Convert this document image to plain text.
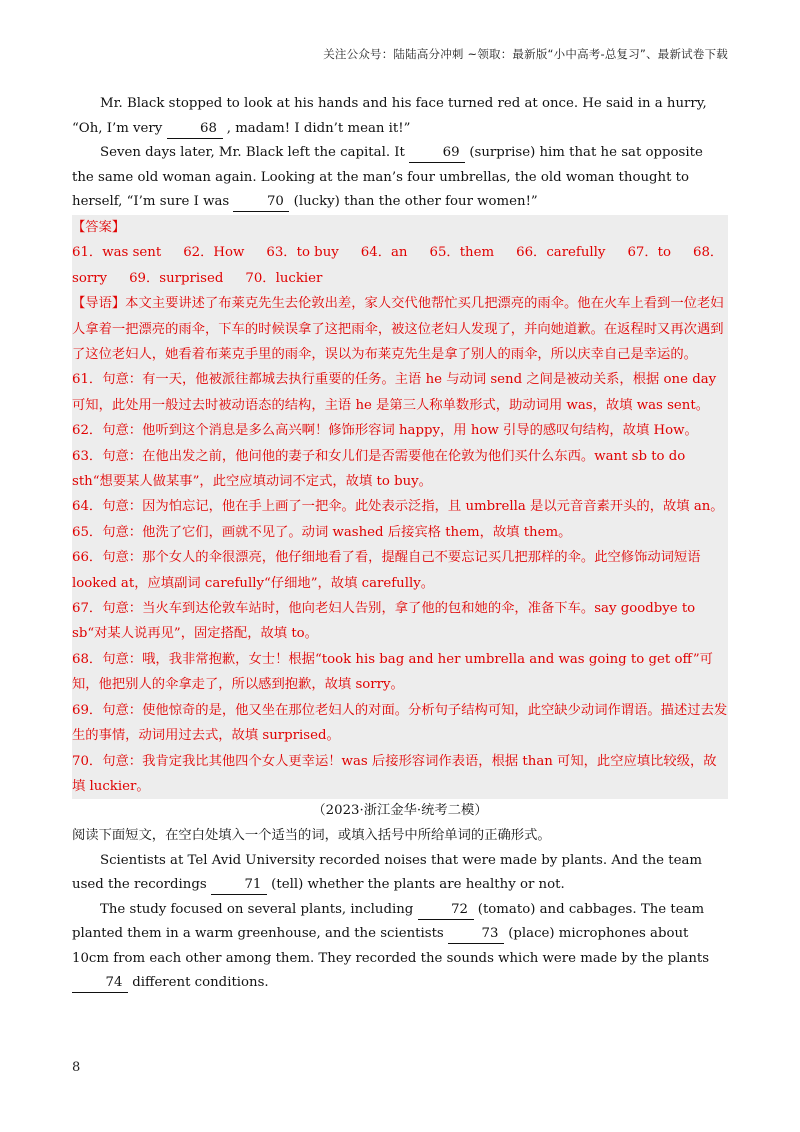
关注公众号：陆陆高分冲刺 ~领取：最新版“小中高考-总复习”、最新试卷下载

Mr. Black stopped to look at his hands and his face turned red at once. He said in a hurry, “Oh, I’m very	68 , madam! I didn’t mean it!”

Seven days later, Mr. Black left the capital. It	69 (surprise) him that he sat opposite the same old woman again. Looking at the man’s four umbrellas, the old woman thought to herself, “I’m sure I was	70 (lucky) than the other four women!”

【答案】

61．was sent 62．How 63．to buy 64．an 65．them 66．carefully 67．to 68．

sorry 69．surprised 70．luckier

【导语】本文主要讲述了布莱克先生去伦敦出差，家人交代他帮忙买几把漂亮的雨伞。他在火车上看到一位老妇人拿着一把漂亮的雨伞，下车的时候误拿了这把雨伞，被这位老妇人发现了，并向她道歉。在返程时又再次遇到了这位老妇人，她看着布莱克手里的雨伞，误以为布莱克先生是拿了别人的雨伞，所以庆幸自己是幸运的。

61．句意：有一天，他被派往都城去执行重要的任务。主语 he 与动词 send 之间是被动关系，根据 one day 可知，此处用一般过去时被动语态的结构，主语 he 是第三人称单数形式，助动词用 was，故填 was sent。

62．句意：他听到这个消息是多么高兴啊！修饰形容词 happy，用 how 引导的感叹句结构，故填 How。

63．句意：在他出发之前，他问他的妻子和女儿们是否需要他在伦敦为他们买什么东西。want sb to do sth“想要某人做某事”，此空应填动词不定式，故填 to buy。

64．句意：因为怕忘记，他在手上画了一把伞。此处表示泛指，且 umbrella 是以元音音素开头的，故填 an。

65．句意：他洗了它们，画就不见了。动词 washed 后接宾格 them，故填 them。

66．句意：那个女人的伞很漂亮，他仔细地看了看，提醒自己不要忘记买几把那样的伞。此空修饰动词短语 looked at，应填副词 carefully“仔细地”，故填 carefully。

67．句意：当火车到达伦敦车站时，他向老妇人告别，拿了他的包和她的伞，准备下车。say goodbye to sb“对某人说再见”，固定搭配，故填 to。

68．句意：哦，我非常抱歉，女士！根据“took his bag and her umbrella and was going to get off”可知，他把别人的伞拿走了，所以感到抱歉，故填 sorry。

69．句意：使他惊奇的是，他又坐在那位老妇人的对面。分析句子结构可知，此空缺少动词作谓语。描述过去发生的事情，动词用过去式，故填 surprised。

70．句意：我肯定我比其他四个女人更幸运！was 后接形容词作表语，根据 than 可知，此空应填比较级，故填 luckier。

（2023·浙江金华·统考二模）

阅读下面短文，在空白处填入一个适当的词，或填入括号中所给单词的正确形式。

Scientists at Tel Avid University recorded noises that were made by plants. And the team used the recordings	71 (tell) whether the plants are healthy or not.

The study focused on several plants, including	72 (tomato) and cabbages. The team planted them in a warm greenhouse, and the scientists	73 (place) microphones about 10cm from each other among them. They recorded the sounds which were made by the plants 74 different conditions.

8
